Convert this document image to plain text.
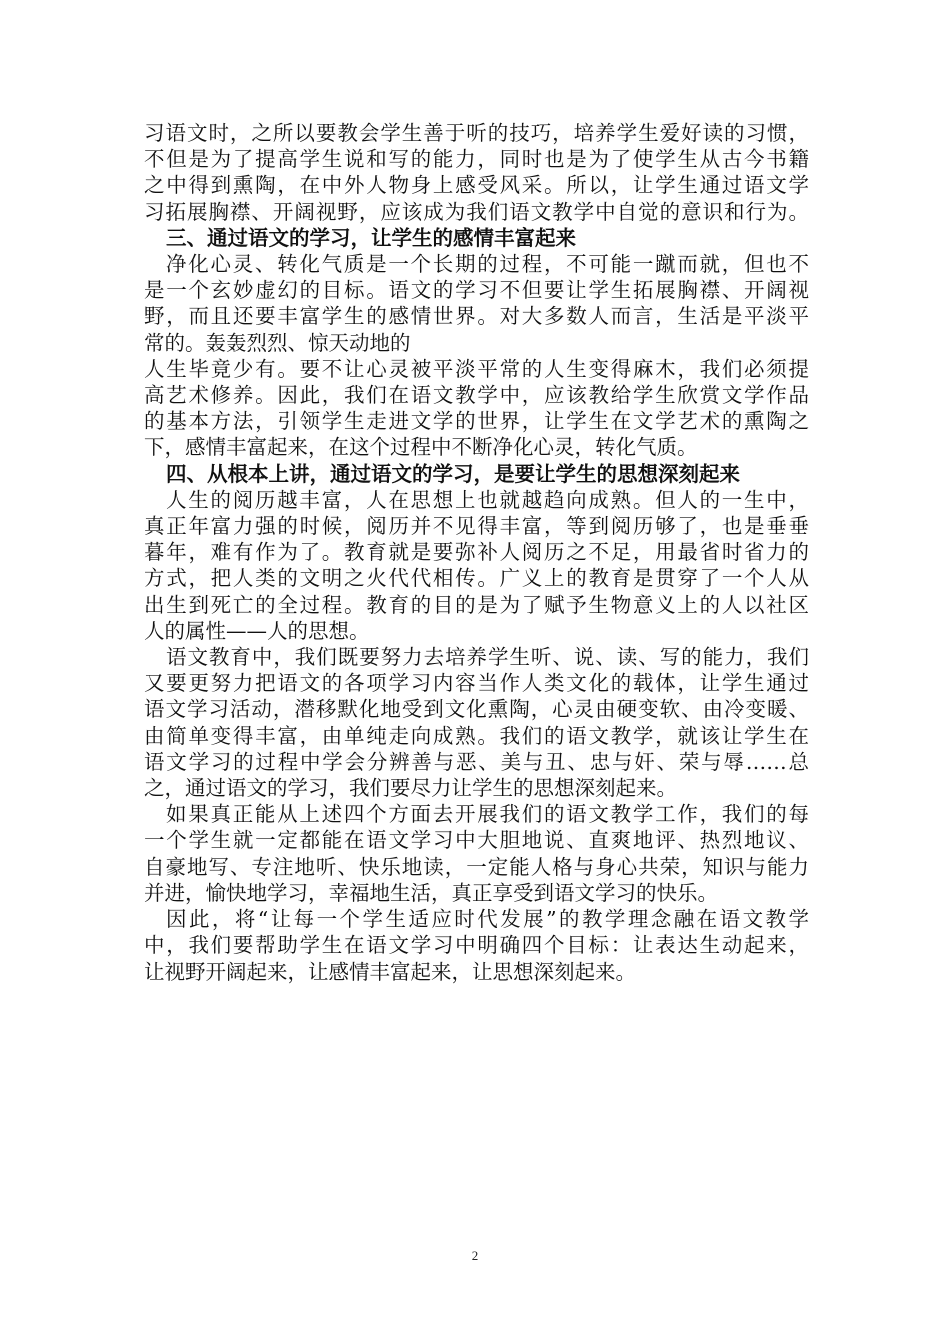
习语文时，之所以要教会学生善于听的技巧，培养学生爱好读的习惯，
不但是为了提高学生说和写的能力，同时也是为了使学生从古今书籍
之中得到熏陶，在中外人物身上感受风采。所以，让学生通过语文学
习拓展胸襟、开阔视野，应该成为我们语文教学中自觉的意识和行为。
三、通过语文的学习，让学生的感情丰富起来
净化心灵、转化气质是一个长期的过程，不可能一蹴而就，但也不
是一个玄妙虚幻的目标。语文的学习不但要让学生拓展胸襟、开阔视
野，而且还要丰富学生的感情世界。对大多数人而言，生活是平淡平
常的。轰轰烈烈、惊天动地的
人生毕竟少有。要不让心灵被平淡平常的人生变得麻木，我们必须提
高艺术修养。因此，我们在语文教学中，应该教给学生欣赏文学作品
的基本方法，引领学生走进文学的世界，让学生在文学艺术的熏陶之
下，感情丰富起来，在这个过程中不断净化心灵，转化气质。
四、从根本上讲，通过语文的学习，是要让学生的思想深刻起来
人生的阅历越丰富，人在思想上也就越趋向成熟。但人的一生中，
真正年富力强的时候，阅历并不见得丰富，等到阅历够了，也是垂垂
暮年，难有作为了。教育就是要弥补人阅历之不足，用最省时省力的
方式，把人类的文明之火代代相传。广义上的教育是贯穿了一个人从
出生到死亡的全过程。教育的目的是为了赋予生物意义上的人以社区
人的属性——人的思想。
语文教育中，我们既要努力去培养学生听、说、读、写的能力，我们
又要更努力把语文的各项学习内容当作人类文化的载体，让学生通过
语文学习活动，潜移默化地受到文化熏陶，心灵由硬变软、由冷变暖、
由简单变得丰富，由单纯走向成熟。我们的语文教学，就该让学生在
语文学习的过程中学会分辨善与恶、美与丑、忠与奸、荣与辱……总
之，通过语文的学习，我们要尽力让学生的思想深刻起来。
如果真正能从上述四个方面去开展我们的语文教学工作，我们的每
一个学生就一定都能在语文学习中大胆地说、直爽地评、热烈地议、
自豪地写、专注地听、快乐地读，一定能人格与身心共荣，知识与能力
并进，愉快地学习，幸福地生活，真正享受到语文学习的快乐。
因此，将“让每一个学生适应时代发展”的教学理念融在语文教学
中，我们要帮助学生在语文学习中明确四个目标：让表达生动起来，
让视野开阔起来，让感情丰富起来，让思想深刻起来。
2
